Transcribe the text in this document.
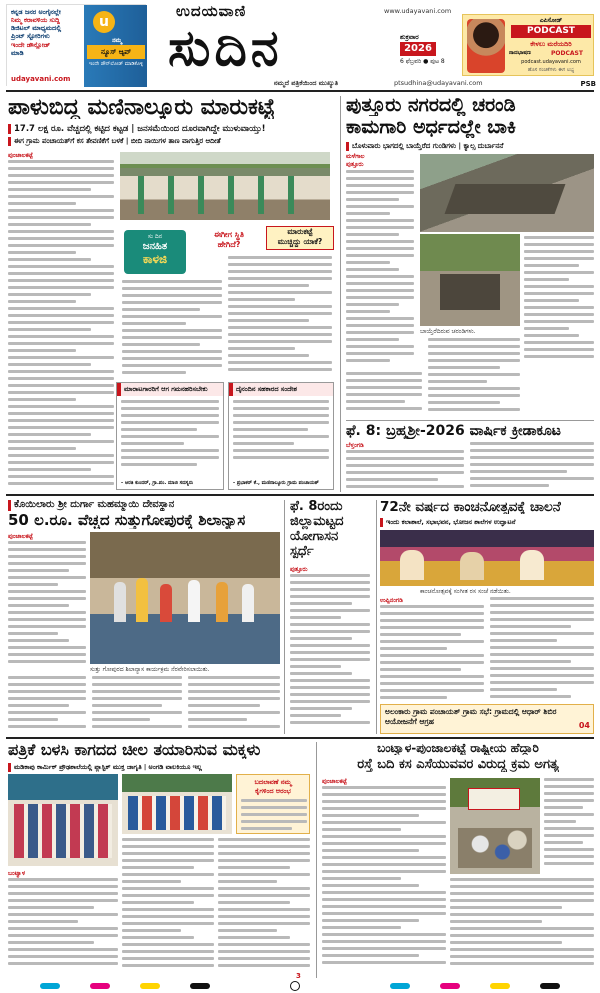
ಕನ್ನಡ ಜನರ ಅಂಗೈನಲ್ಲೇ
ನಿಮ್ಮ ಕರಾವಳಿಯ ಸುದ್ದಿ
ಡಿಜಿಟಲ್ ಮಾಧ್ಯಮದಲ್ಲಿ
ಪ್ರಿಂಟ್ ಸ್ಟೋರಿಗಳು
ಇಂದೇ ಡೌನ್ಲೋಡ್
ಮಾಡಿ
u
ನಮ್ಮ
ನ್ಯೂಸ್ ಆ್ಯಪ್
ಇಂದೇ ಡೌನ್‌ಲೋಡ್ ಮಾಡಿಕೊಳ್ಳಿ
udayavani.com
ಉದಯವಾಣಿ	www.udayavani.com
ಸುದಿನ	ಶುಕ್ರವಾರ
2026
6 ಫೆಬ್ರವರಿ ● ಪುಟ 8
ನಮ್ಮದೆ ಪತ್ರಿಕೆಯಿಂದ ಮುಖ್ಯುತಿ	ptsudhina@udayavani.com	PSB
ಎಪಿಸೋಡ್
PODCAST
ಕೇಳಲು ಮರೆಯದಿರಿ
ನಾದಭಾಷಣ	PODCAST
podcast.udayavani.com
ಹೊಸ ಸಂಚಿಕೆಗಳು ಈಗ ಲಭ್ಯ
ಪಾಳುಬಿದ್ದ ಮಣಿನಾಲ್ಕೂರು ಮಾರುಕಟ್ಟೆ
17.7 ಲಕ್ಷ ರೂ. ವೆಚ್ಚದಲ್ಲಿ ಕಟ್ಟಿದ ಕಟ್ಟಡ | ಜನಸಮೆಯಿಂದ ದೂರವಾಗಿದ್ದೇ ಮುಳುವಾಯ್ತು!
ಈಗ ಗ್ರಾಮ ಪಂಚಾಯತ್‌ಗೆ ಕಸ ತೇವಣಿಕೆಗೆ ಬಳಕೆ | ಬೀದಿ ನಾಯಿಗಳ ತಾಣ ವಾಗುತ್ತಿರ ಆದೀತೆ
ಪುಂಜಾಲಕಟ್ಟೆ
ಸು ದಿನ
ಜನಹಿತ
ಕಾಳಜಿ
ಈಗೀಗ ಸ್ಥಿತಿ
ಹೇಗಿದೆ?
ಮಾರುಕಟ್ಟೆ
ಮುಚ್ಚಿದ್ದು ಯಾಕೆ?
ಮಾರಾಟಗಾರರಿಗೆ ಆಗ ಗಮನಹರಿಸಬೇಕು
- ಆರತಿ ಕುಂದರ್, ಗ್ರಾ.ಪಂ. ಮಾಜಿ ಸದಸ್ಯರು
ದೈನಂದಿನ ಸಹಕಾರದ ಸಂದೇಶ
- ಪ್ರಭಾಕರ್ ಕೆ., ಮಣಿನಾಲ್ಕೂರು ಗ್ರಾಮ ಪಂಚಾಯತ್
ಪುತ್ತೂರು ನಗರದಲ್ಲಿ ಚರಂಡಿ
ಕಾಮಗಾರಿ ಅರ್ಧದಲ್ಲೇ ಬಾಕಿ
ಬೊಳುವಾರು ಭಾಗದಲ್ಲಿ ಬಾಯ್ತೆರೆದ ಗುಂಡಿಗಳು | ಕ್ಯಾಲ್ಸ ದುರ್ಬಾನನೆ
ಮಳೆಗಾಲ
ಪುತ್ತೂರು
ಬಾಯ್ತೆರೆದಿರುವ ಚರಂಡಿಗಳು.
ಫೆ. 8: ಬ್ರಹ್ಮಶ್ರೀ-2026 ವಾರ್ಷಿಕ ಕ್ರೀಡಾಕೂಟ
ಬೆಳ್ತಂಗಡಿ
ಕೊಯಿಲಾರು ಶ್ರೀ ದುರ್ಗಾ ಮಹಮ್ಮಾಯಿ ದೇವಸ್ಥಾನ
50 ಲ.ರೂ. ವೆಚ್ಚದ ಸುತ್ತುಗೋಪುರಕ್ಕೆ ಶಿಲಾನ್ಯಾಸ
ಪುಂಜಾಲಕಟ್ಟೆ
ಸುತ್ತು ಗೋಪುರದ ಶಿಲಾನ್ಯಾಸ ಕಾರ್ಯಕ್ರಮ ನೆರವೇರಿಸಲಾಯಿತು.
ಫೆ. 8ರಂದು
ಜಿಲ್ಲಾಮಟ್ಟದ
ಯೋಗಾಸನ
ಸ್ಪರ್ಧೆ
ಪುತ್ತೂರು
72ನೇ ವರ್ಷದ ಕಾಂಚನೋತ್ಸವಕ್ಕೆ ಚಾಲನೆ
ಇಂದು ಕಲಾಶಾಲೆ, ಸಭಾಭವನ, ಭೋಜನ ಶಾಲೆಗಳ ಉದ್ಘಾಟನೆ
ಕಾಂಚನೋತ್ಸವಕ್ಕೆ ಸಂಗೀತ ರಸ ಸಂಜೆ ನಡೆಯಿತು.
ಉಪ್ಪಿನಂಗಡಿ
ಅಲಂಕಾರು ಗ್ರಾಮ ಪಂಚಾಯತ್ ಗ್ರಾಮ ಸಭೆ: ಗ್ರಾಮದಲ್ಲಿ ಆಧಾರ್ ಶಿಬಿರ ಆಯೋಜನೆಗೆ ಆಗ್ರಹ	04
ಪತ್ರಿಕೆ ಬಳಸಿ ಕಾಗದದ ಚೀಲ ತಯಾರಿಸುವ ಮಕ್ಕಳು
ಮಡಿಕಾಪು ಕಾರ್ಮಿಕ್ ಪ್ರೌಢಶಾಲೆಯಲ್ಲಿ ಪ್ಲಾಸ್ಟಿಕ್ ಮುಕ್ತ ಜಾಗೃತಿ | ಅಂಗಡಿ ವಾಲಕಿಯೂ ಇಲ್ಲ
ಬದಲಾವಣೆ ನಮ್ಮ
ಕೈಗಳಿಂದ ಆರಂಭ
ಬಂಟ್ವಾಳ
3
ಬಂಟ್ವಾಳ-ಪುಂಜಾಲಕಟ್ಟೆ ರಾಷ್ಟ್ರೀಯ ಹೆದ್ದಾರಿ
ರಸ್ತೆ ಬದಿ ಕಸ ಎಸೆಯುವವರ ವಿರುದ್ಧ ಕ್ರಮ ಅಗತ್ಯ
ಪುಂಜಾಲಕಟ್ಟೆ
